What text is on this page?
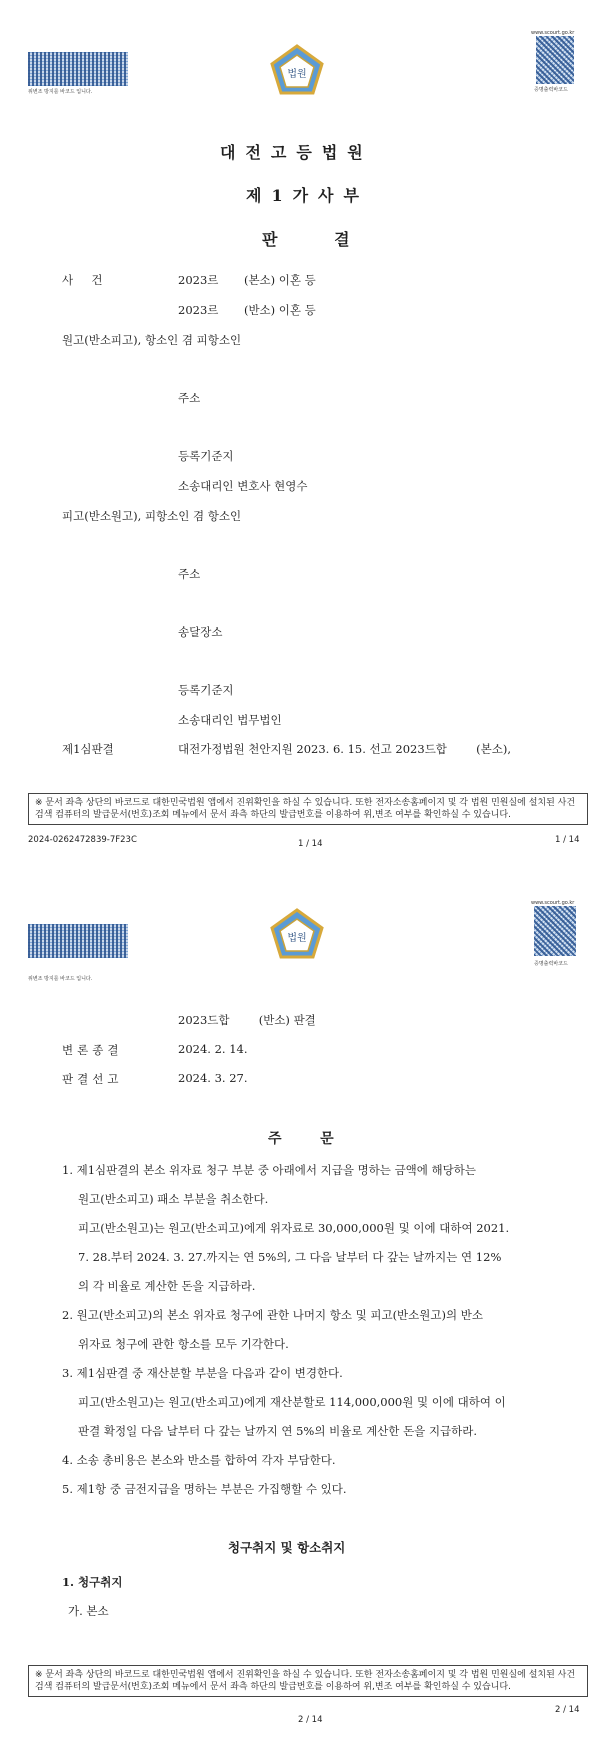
위변조 방지를 바코드 입니다.
법원
www.scourt.go.kr
증명출력바코드
대전고등법원
제1가사부
판   결
사     건	2023르       (본소) 이혼 등
2023르       (반소) 이혼 등
원고(반소피고), 항소인 겸 피항소인
주소
등록기준지
소송대리인 변호사 현영수
피고(반소원고), 피항소인 겸 항소인
주소
송달장소
등록기준지
소송대리인 법무법인
제1심판결	대전가정법원 천안지원 2023. 6. 15. 선고 2023드합        (본소),
※ 문서 좌측 상단의 바코드로 대한민국법원 앱에서 진위확인을 하실 수 있습니다. 또한 전자소송홈페이지 및 각 법원 민원실에 설치된 사건검색 컴퓨터의 발급문서(번호)조회 메뉴에서 문서 좌측 하단의 발급번호를 이용하여 위,변조 여부를 확인하실 수 있습니다.
2024-0262472839-7F23C	1 / 14	1 / 14
위변조 방지를 바코드 입니다.
법원
www.scourt.go.kr
증명출력바코드
2023드합        (반소) 판결
변론종결	2024. 2. 14.
판결선고	2024. 3. 27.
주   문
1. 제1심판결의 본소 위자료 청구 부분 중 아래에서 지급을 명하는 금액에 해당하는
원고(반소피고) 패소 부분을 취소한다.
피고(반소원고)는 원고(반소피고)에게 위자료로 30,000,000원 및 이에 대하여 2021.
7. 28.부터 2024. 3. 27.까지는 연 5%의, 그 다음 날부터 다 갚는 날까지는 연 12%
의 각 비율로 계산한 돈을 지급하라.
2. 원고(반소피고)의 본소 위자료 청구에 관한 나머지 항소 및 피고(반소원고)의 반소
위자료 청구에 관한 항소를 모두 기각한다.
3. 제1심판결 중 재산분할 부분을 다음과 같이 변경한다.
피고(반소원고)는 원고(반소피고)에게 재산분할로 114,000,000원 및 이에 대하여 이
판결 확정일 다음 날부터 다 갚는 날까지 연 5%의 비율로 계산한 돈을 지급하라.
4. 소송 총비용은 본소와 반소를 합하여 각자 부담한다.
5. 제1항 중 금전지급을 명하는 부분은 가집행할 수 있다.
청구취지 및 항소취지
1. 청구취지
가. 본소
※ 문서 좌측 상단의 바코드로 대한민국법원 앱에서 진위확인을 하실 수 있습니다. 또한 전자소송홈페이지 및 각 법원 민원실에 설치된 사건검색 컴퓨터의 발급문서(번호)조회 메뉴에서 문서 좌측 하단의 발급번호를 이용하여 위,변조 여부를 확인하실 수 있습니다.
2 / 14
2 / 14
